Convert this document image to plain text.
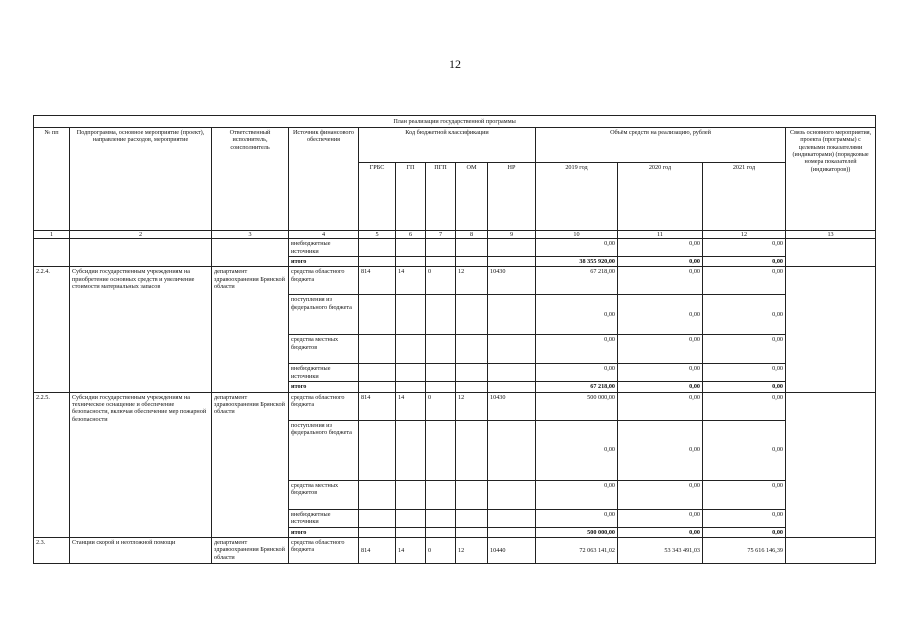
12
План реализации государственной программы												
№ пп	Подпрограмма, основное мероприятие (проект), направление расходов, мероприятие	Ответственный исполнитель, соисполнитель	Источник финансового обеспечения	Код бюджетной классификации					Объём средств на реализацию, рублей			Связь основного мероприятия, проекта (программы) с целевыми показателями (индикаторами) (порядковые номера показателей (индикаторов))
				ГРБС	ГП	ПГП	ОМ	НР	2019 год	2020 год	2021 год	
1	2	3	4	5	6	7	8	9	10	11	12	13
			внебюджетные источники						0,00	0,00	0,00	
			итого						38 355 920,00	0,00	0,00	
2.2.4.	Субсидии государственным учреждениям на приобретение основных средств и увеличение стоимости материальных запасов	департамент здравоохранения Брянской области	средства областного бюджета	814	14	0	12	10430	67 218,00	0,00	0,00	
			поступления из федерального бюджета						0,00	0,00	0,00	
			средства местных бюджетов						0,00	0,00	0,00	
			внебюджетные источники						0,00	0,00	0,00	
			итого						67 218,00	0,00	0,00	
2.2.5.	Субсидии государственным учреждениям на техническое оснащение и обеспечение безопасности, включая обеспечение мер пожарной безопасности	департамент здравоохранения Брянской области	средства областного бюджета	814	14	0	12	10430	500 000,00	0,00	0,00	
			поступления из федерального бюджета						0,00	0,00	0,00	
			средства местных бюджетов						0,00	0,00	0,00	
			внебюджетные источники						0,00	0,00	0,00	
			итого						500 000,00	0,00	0,00	
2.3.	Станции скорой и неотложной помощи	департамент здравоохранения Брянской области	средства областного бюджета	814	14	0	12	10440	72 063 141,02	53 343 491,03	75 616 146,39	
